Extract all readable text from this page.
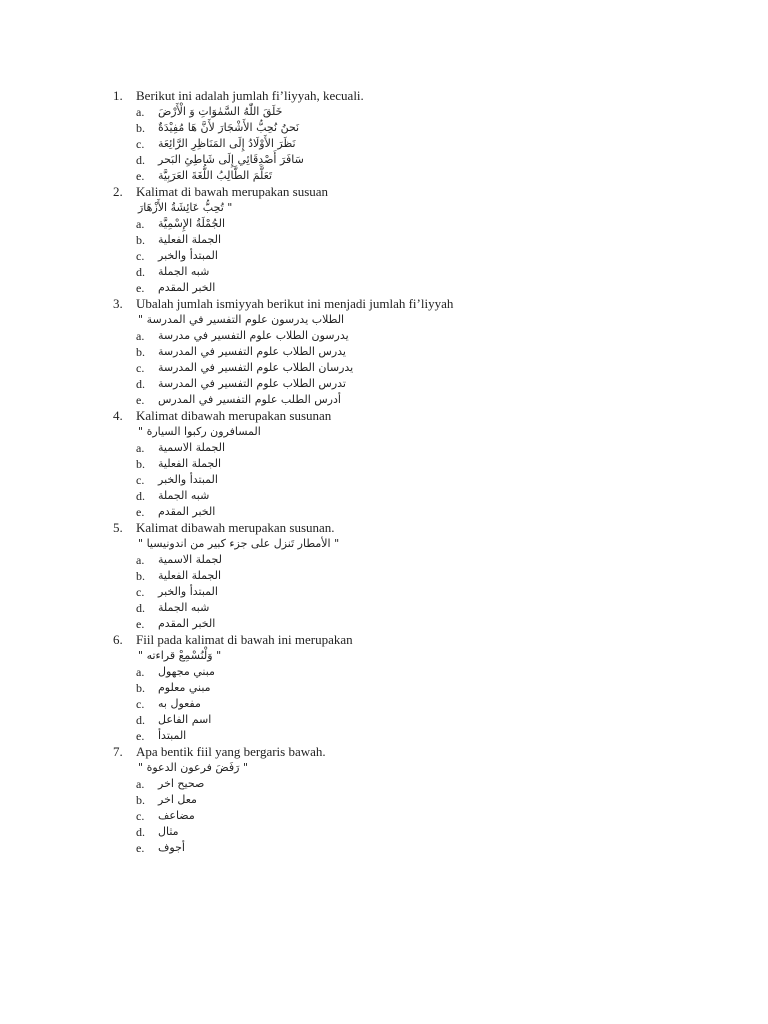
1. Berikut ini adalah jumlah fi’liyyah, kecuali.
a. خَلَقَ اللّٰهُ السَّمٰوَاتِ وَ الْأَرْضَ
b. نَحنُ نُحِبُّ الأَشْجَارَ لأَنَّ هَا مُفِيْدَةٌ
c. نَظَرَ الأَوْلَادُ إِلَى المَنَاظِرِ الرَّائِعَة
d. سَافَرَ أَصْدِقَائِي إِلَى شَاطِئِ البَحر
e. تَعَلَّمَ الطَّالِبُ اللُّغَةَ العَرَبِيَّة
2. Kalimat di bawah merupakan susuan
تُحِبُّ عَائِشَةُ الأَزْهَارَ "
a. الجُمْلَةُ الإِسْمِيَّة
b. الجملة الفعلية
c. المبتدأ والخبر
d. شبه الجملة
e. الخبر المقدم
3. Ubalah jumlah ismiyyah berikut ini menjadi jumlah fi’liyyah
" الطلاب يدرسون علوم التفسير في المدرسة
a. يدرسون الطلاب علوم التفسير في مدرسة
b. يدرس الطلاب علوم التفسير في المدرسة
c. يدرسان الطلاب علوم التفسير في المدرسة
d. تدرس الطلاب علوم التفسير في المدرسة
e. أدرس الطلب علوم التفسير في المدرس
4. Kalimat dibawah merupakan susunan
" المسافرون ركبوا السيارة
a. الجملة الاسمية
b. الجملة الفعلية
c. المبتدأ والخبر
d. شبه الجملة
e. الخبر المقدم
5. Kalimat dibawah merupakan susunan.
" الأمطار تَنزل على جزء كبير من اندونيسيا "
a. لجملة الاسمية
b. الجملة الفعلية
c. المبتدأ والخبر
d. شبه الجملة
e. الخبر المقدم
6. Fiil pada kalimat di bawah ini merupakan
" وَلْنُسْمِعْ قراءته "
a. مبني مجهول
b. مبني معلوم
c. مفعول به
d. اسم الفاعل
e. المبتدأ
7. Apa bentik fiil yang bergaris bawah.
" رَفَضَ فرعون الدعوة "
a. صحيح اخر
b. معل اخر
c. مضاعف
d. مثال
e. أجوف
